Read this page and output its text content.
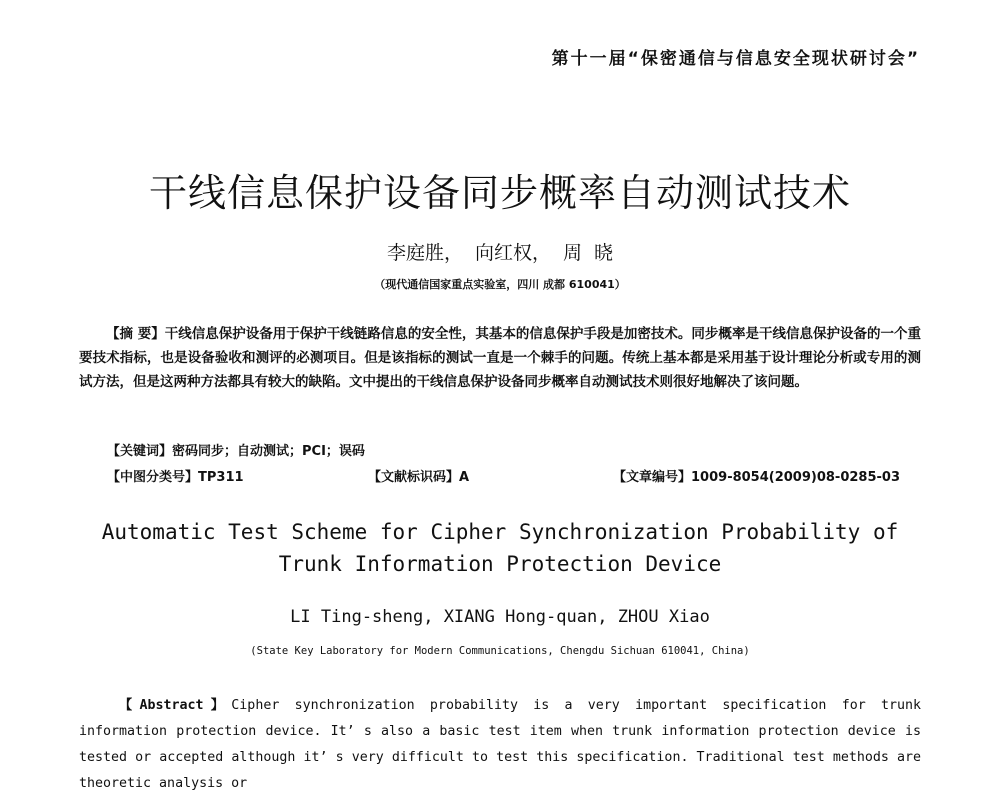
第十一届“保密通信与信息安全现状研讨会”
干线信息保护设备同步概率自动测试技术
李庭胜， 向红权， 周 晓
（现代通信国家重点实验室，四川 成都 610041）

【摘 要】干线信息保护设备用于保护干线链路信息的安全性，其基本的信息保护手段是加密技术。同步概率是干线信息保护设备的一个重要技术指标，也是设备验收和测评的必测项目。但是该指标的测试一直是一个棘手的问题。传统上基本都是采用基于设计理论分析或专用的测试方法，但是这两种方法都具有较大的缺陷。文中提出的干线信息保护设备同步概率自动测试技术则很好地解决了该问题。

【关键词】密码同步；自动测试；PCI；误码
【中图分类号】TP311	【文献标识码】A	【文章编号】1009-8054(2009)08-0285-03
Automatic Test Scheme for Cipher Synchronization Probability of
Trunk Information Protection Device
LI Ting-sheng, XIANG Hong-quan, ZHOU Xiao
(State Key Laboratory for Modern Communications, Chengdu Sichuan 610041, China)

【Abstract】Cipher synchronization probability is a very important specification for trunk information protection device. It’ s also a basic test item when trunk information protection device is tested or accepted although it’ s very difficult to test this specification. Traditional test methods are theoretic analysis or
